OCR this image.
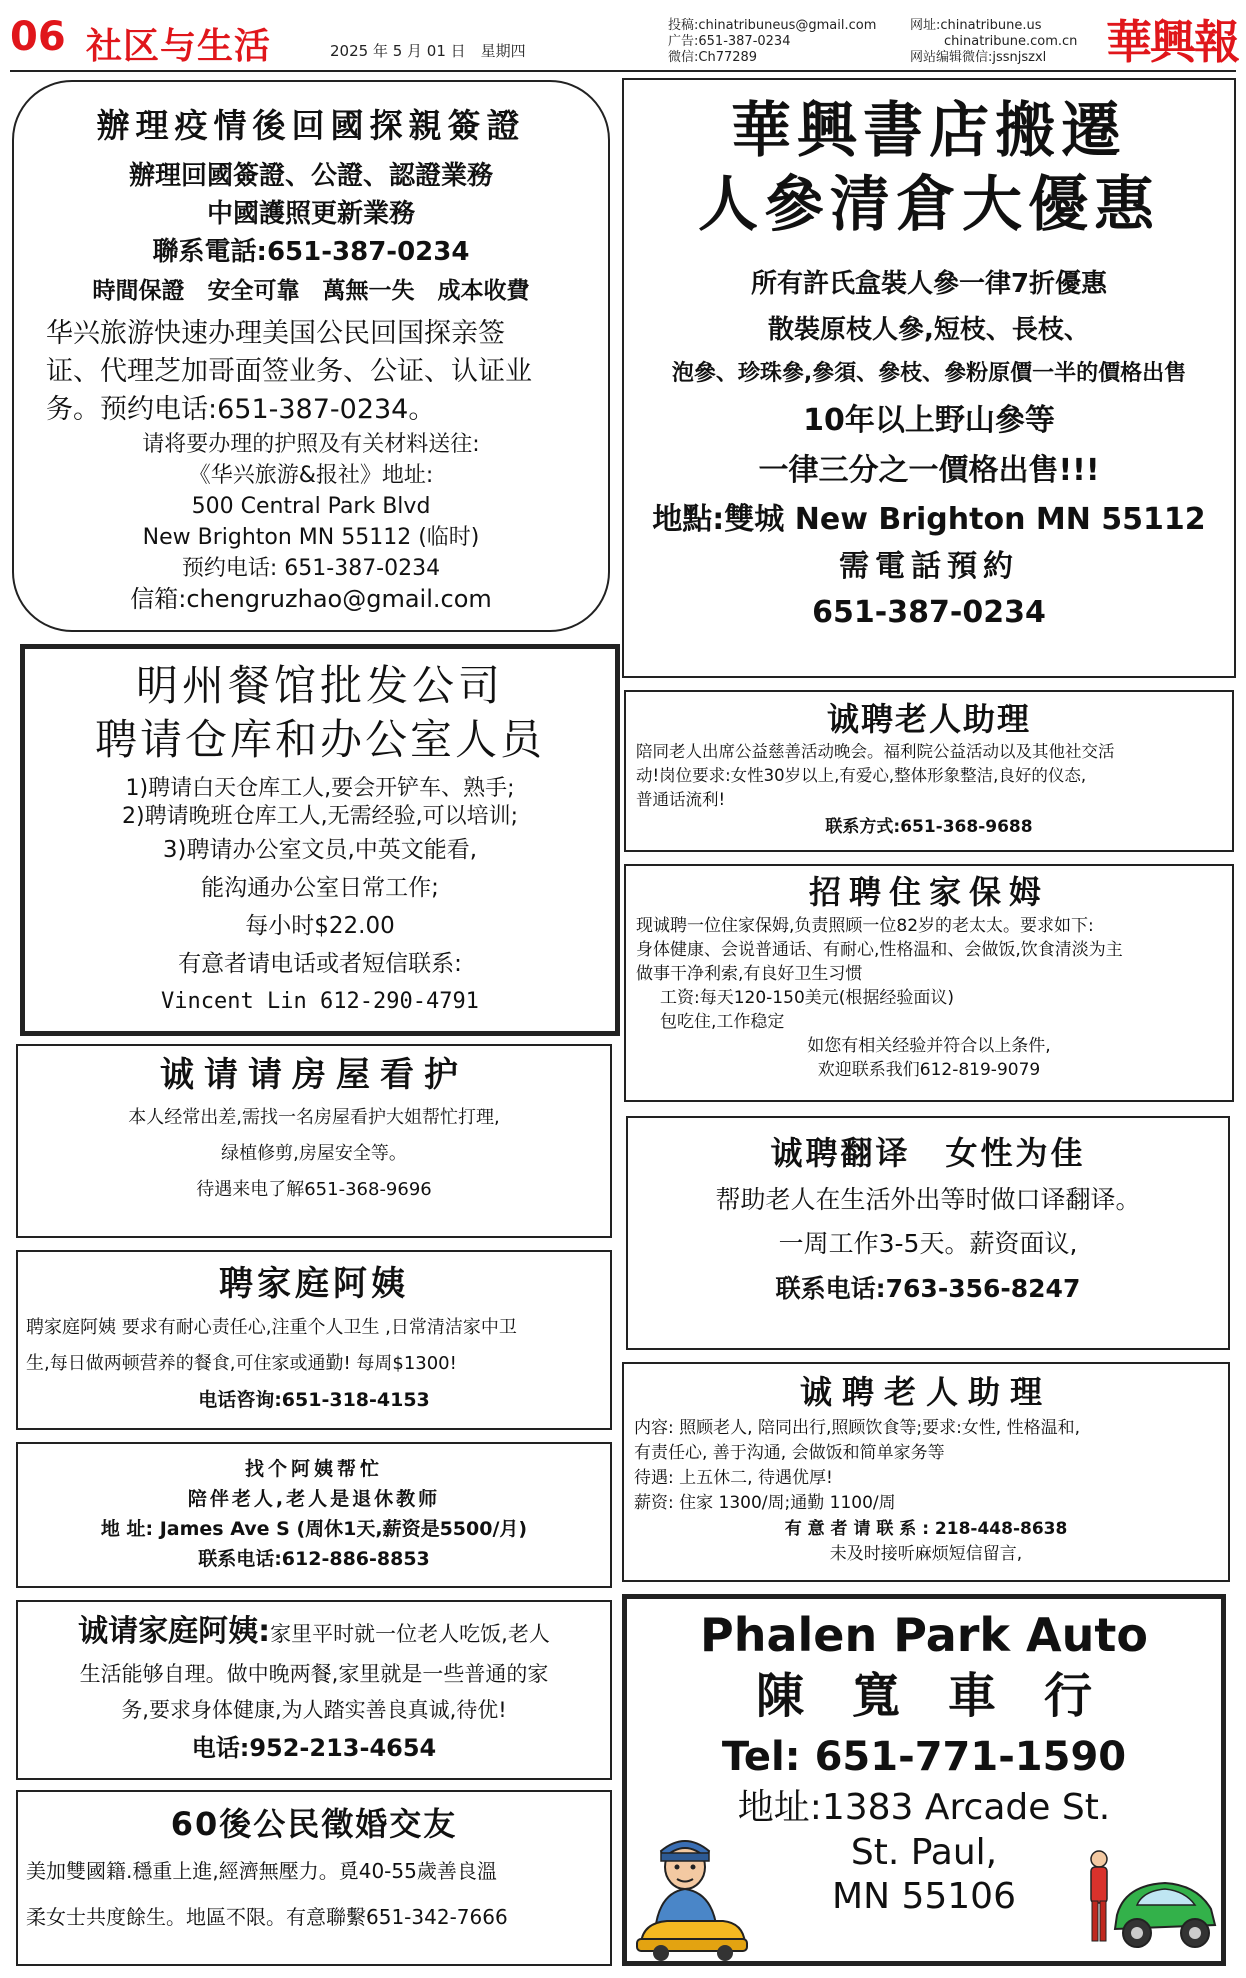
06 社区与生活	2025 年 5 月 01 日　星期四
投稿:chinatribuneus@gmail.com
广告:651-387-0234
微信:Ch77289
网址:chinatribune.us
chinatribune.com.cn
网站编辑微信:jssnjszxl	華興報
辦理疫情後回國探親簽證
辦理回國簽證、公證、認證業務
中國護照更新業務
聯系電話:651-387-0234
時間保證　安全可靠　萬無一失　成本收費
华兴旅游快速办理美国公民回国探亲签
证、代理芝加哥面签业务、公证、认证业
务。预约电话:651-387-0234。
请将要办理的护照及有关材料送往:
《华兴旅游&报社》地址:
500 Central Park Blvd
New Brighton MN 55112 (临时)
预约电话: 651-387-0234
信箱:chengruzhao@gmail.com
華興書店搬遷
人參清倉大優惠
所有許氏盒裝人參一律7折優惠
散裝原枝人參,短枝、長枝、
泡參、珍珠參,參須、參枝、參粉原價一半的價格出售
10年以上野山參等
一律三分之一價格出售!!!
地點:雙城 New Brighton MN 55112
需電話預約
651-387-0234
明州餐馆批发公司
聘请仓库和办公室人员
1)聘请白天仓库工人,要会开铲车、熟手;
2)聘请晚班仓库工人,无需经验,可以培训;
3)聘请办公室文员,中英文能看,
能沟通办公室日常工作;
每小时$22.00
有意者请电话或者短信联系:
Vincent Lin 612-290-4791
诚聘老人助理
陪同老人出席公益慈善活动晚会。福利院公益活动以及其他社交活
动!岗位要求:女性30岁以上,有爱心,整体形象整洁,良好的仪态,
普通话流利!
联系方式:651-368-9688
招聘住家保姆
现诚聘一位住家保姆,负责照顾一位82岁的老太太。要求如下:
身体健康、会说普通话、有耐心,性格温和、会做饭,饮食清淡为主
做事干净利索,有良好卫生习惯
工资:每天120-150美元(根据经验面议)
包吃住,工作稳定
如您有相关经验并符合以上条件,
欢迎联系我们612-819-9079
诚请请房屋看护
本人经常出差,需找一名房屋看护大姐帮忙打理,
绿植修剪,房屋安全等。
待遇来电了解651-368-9696
诚聘翻译　女性为佳
帮助老人在生活外出等时做口译翻译。
一周工作3-5天。薪资面议,
联系电话:763-356-8247
聘家庭阿姨
聘家庭阿姨 要求有耐心责任心,注重个人卫生 ,日常清洁家中卫
生,每日做两顿营养的餐食,可住家或通勤! 每周$1300!
电话咨询:651-318-4153	诚聘老人助理
内容: 照顾老人, 陪同出行,照顾饮食等;要求:女性, 性格温和,
有责任心, 善于沟通, 会做饭和简单家务等
待遇: 上五休二, 待遇优厚!
薪资: 住家 1300/周;通勤 1100/周
有 意 者 请 联 系 : 218-448-8638
未及时接听麻烦短信留言,
找个阿姨帮忙
陪伴老人,老人是退休教师
地 址: James Ave S (周休1天,薪资是5500/月)
联系电话:612-886-8853
诚请家庭阿姨:家里平时就一位老人吃饭,老人
生活能够自理。做中晚两餐,家里就是一些普通的家
务,要求身体健康,为人踏实善良真诚,待优!
电话:952-213-4654
Phalen Park Auto
陳　寬　車　行
Tel: 651-771-1590
地址:1383 Arcade St.
St. Paul,
MN 55106
60後公民徵婚交友
美加雙國籍.穩重上進,經濟無壓力。覓40-55歲善良溫
柔女士共度餘生。地區不限。有意聯繫651-342-7666
